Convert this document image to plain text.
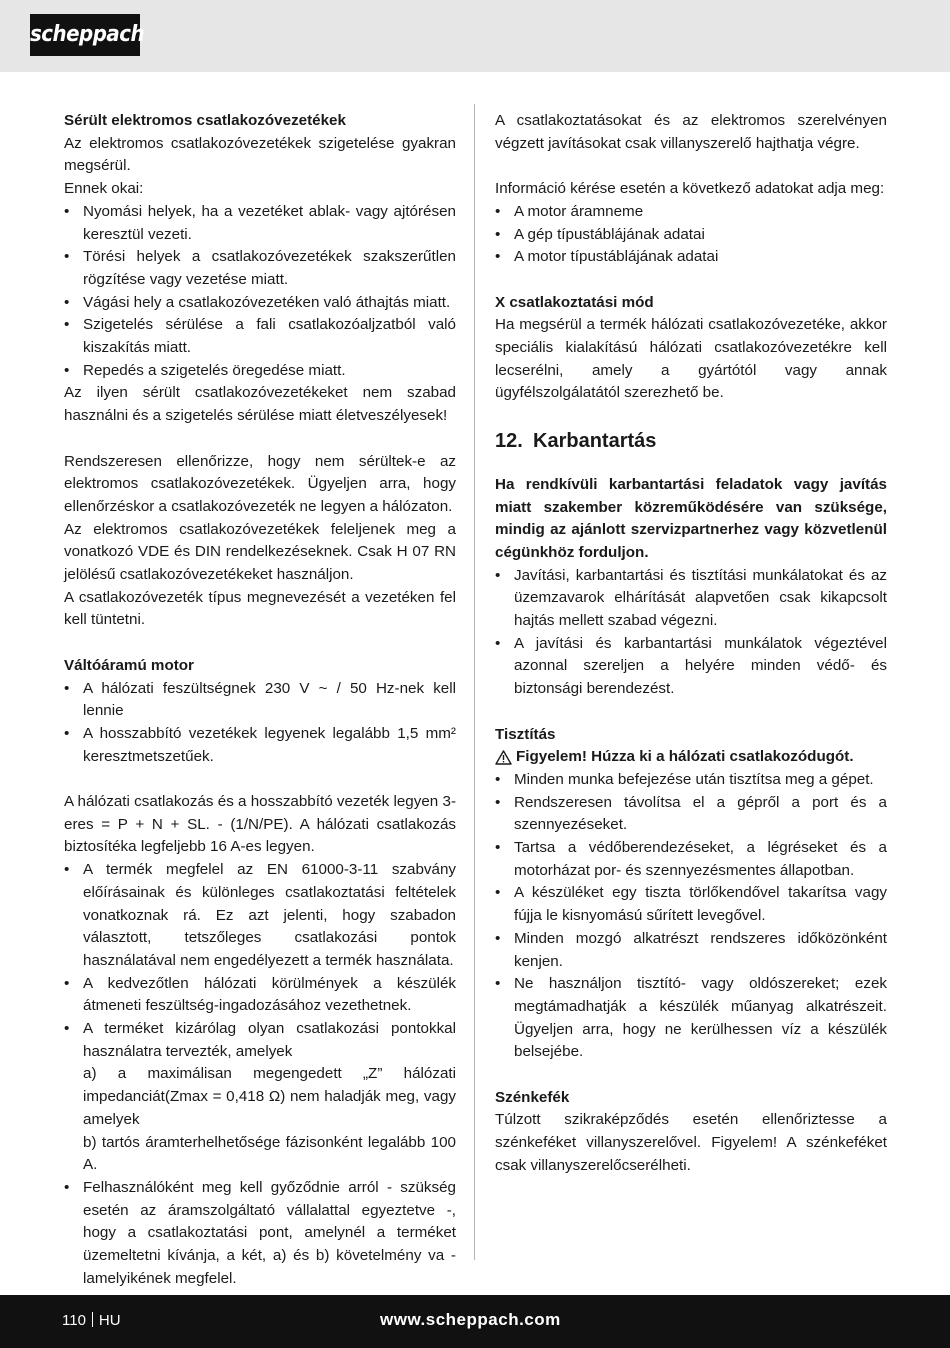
scheppach

Sérült elektromos csatlakozóvezetékek

Az elektromos csatlakozóvezetékek szigetelése gyakran megsérül.

Ennek okai:

• Nyomási helyek, ha a vezetéket ablak- vagy ajtórésen keresztül vezeti.
• Törési helyek a csatlakozóvezetékek szakszerűtlen rögzítése vagy vezetése miatt.
• Vágási hely a csatlakozóvezetéken való áthajtás miatt.
• Szigetelés sérülése a fali csatlakozóaljzatból való kiszakítás miatt.
• Repedés a szigetelés öregedése miatt.

Az ilyen sérült csatlakozóvezetékeket nem szabad használni és a szigetelés sérülése miatt életveszélyesek!

Rendszeresen ellenőrizze, hogy nem sérültek-e az elektromos csatlakozóvezetékek. Ügyeljen arra, hogy ellenőrzéskor a csatlakozóvezeték ne legyen a hálózaton.

Az elektromos csatlakozóvezetékek feleljenek meg a vonatkozó VDE és DIN rendelkezéseknek. Csak H 07 RN jelölésű csatlakozóvezetékeket használjon.

A csatlakozóvezeték típus megnevezését a vezetéken fel kell tüntetni.

Váltóáramú motor

• A hálózati feszültségnek 230 V ~ / 50 Hz-nek kell lennie
• A hosszabbító vezetékek legyenek legalább 1,5 mm² keresztmetszetűek.

A hálózati csatlakozás és a hosszabbító vezeték legyen 3-eres = P + N + SL. - (1/N/PE). A hálózati csatlakozás biztosítéka legfeljebb 16 A-es legyen.

• A termék megfelel az EN 61000-3-11 szabvány előírásainak és különleges csatlakoztatási feltételek vonatkoznak rá. Ez azt jelenti, hogy szabadon választott, tetszőleges csatlakozási pontok használatával nem engedélyezett a termék használata.
• A kedvezőtlen hálózati körülmények a készülék átmeneti feszültség-ingadozásához vezethetnek.
• A terméket kizárólag olyan csatlakozási pontokkal használatra tervezték, amelyek
a) a maximálisan megengedett „Z” hálózati impedanciát(Zmax = 0,418 Ω) nem haladják meg, vagy amelyek
b) tartós áramterhelhetősége fázisonként legalább 100 A.
• Felhasználóként meg kell győződnie arról - szükség esetén az áramszolgáltató vállalattal egyeztetve -, hogy a csatlakoztatási pont, amelynél a terméket üzemeltetni kívánja, a két, a) és b) követelmény va - lamelyikének megfelel.

A csatlakoztatásokat és az elektromos szerelvényen végzett javításokat csak villanyszerelő hajthatja végre.

Információ kérése esetén a következő adatokat adja meg:

• A motor áramneme
• A gép típustáblájának adatai
• A motor típustáblájának adatai

X csatlakoztatási mód

Ha megsérül a termék hálózati csatlakozóvezetéke, akkor speciális kialakítású hálózati csatlakozóvezetékre kell lecserélni, amely a gyártótól vagy annak ügyfélszolgálatától szerezhető be.

12. Karbantartás

Ha rendkívüli karbantartási feladatok vagy javítás miatt szakember közreműködésére van szüksége, mindig az ajánlott szervizpartnerhez vagy közvetlenül cégünkhöz forduljon.

• Javítási, karbantartási és tisztítási munkálatokat és az üzemzavarok elhárítását alapvetően csak kikapcsolt hajtás mellett szabad végezni.
• A javítási és karbantartási munkálatok végeztével azonnal szereljen a helyére minden védő- és biztonsági berendezést.

Tisztítás

Figyelem! Húzza ki a hálózati csatlakozódugót.
• Minden munka befejezése után tisztítsa meg a gépet.
• Rendszeresen távolítsa el a gépről a port és a szennyezéseket.
• Tartsa a védőberendezéseket, a légréseket és a motorházat por- és szennyezésmentes állapotban.
• A készüléket egy tiszta törlőkendővel takarítsa vagy fújja le kisnyomású sűrített levegővel.
• Minden mozgó alkatrészt rendszeres időközönként kenjen.
• Ne használjon tisztító- vagy oldószereket; ezek megtámadhatják a készülék műanyag alkatrészeit. Ügyeljen arra, hogy ne kerülhessen víz a készülék belsejébe.

Szénkefék

Túlzott szikraképződés esetén ellenőriztesse a szénkeféket villanyszerelővel. Figyelem! A szénkeféket csak villanyszerelőcserélheti.

110 HU	www.scheppach.com
